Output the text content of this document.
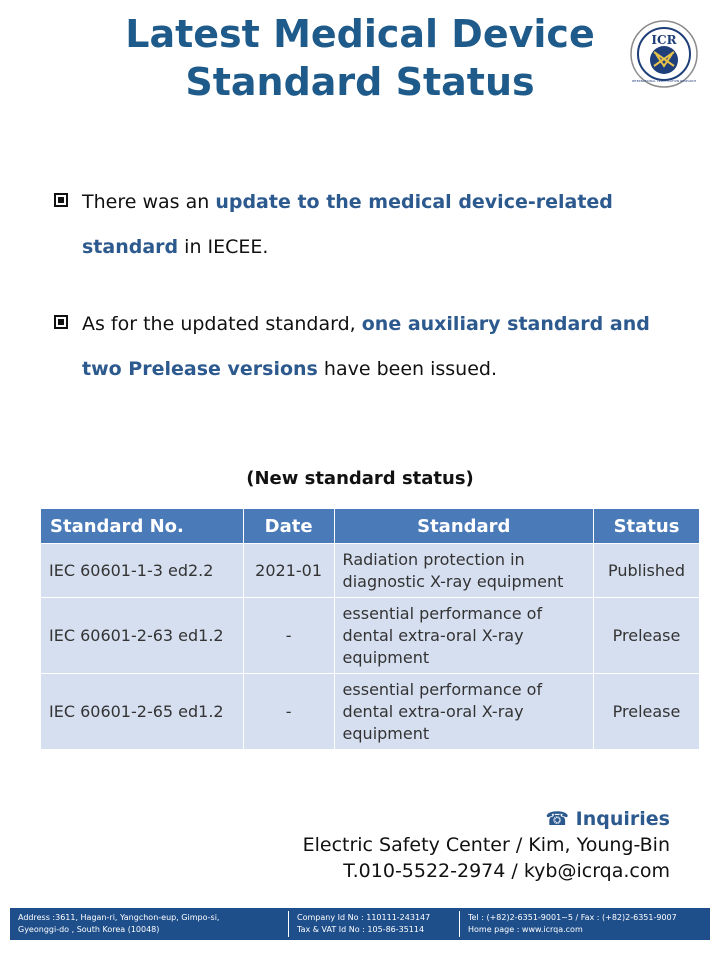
Latest Medical Device
Standard Status
ICR
INTERNATIONAL CERTIFICATION RESEARCH
There was an update to the medical device-related standard in IECEE.
As for the updated standard, one auxiliary standard and two Prelease versions have been issued.
(New standard status)
Standard No.	Date	Standard	Status
IEC 60601-1-3 ed2.2	2021-01	Radiation protection in diagnostic X-ray equipment	Published
IEC 60601-2-63 ed1.2	-	essential performance of dental extra-oral X-ray equipment	Prelease
IEC 60601-2-65 ed1.2	-	essential performance of dental extra-oral X-ray equipment	Prelease
☎ Inquiries
Electric Safety Center / Kim, Young-Bin
T.010-5522-2974 / kyb@icrqa.com
Address :3611, Hagan-ri, Yangchon-eup, Gimpo-si,
Gyeonggi-do , South Korea (10048)
Company Id No : 110111-243147
Tax & VAT Id No : 105-86-35114
Tel : (+82)2-6351-9001~5 / Fax : (+82)2-6351-9007
Home page : www.icrqa.com
